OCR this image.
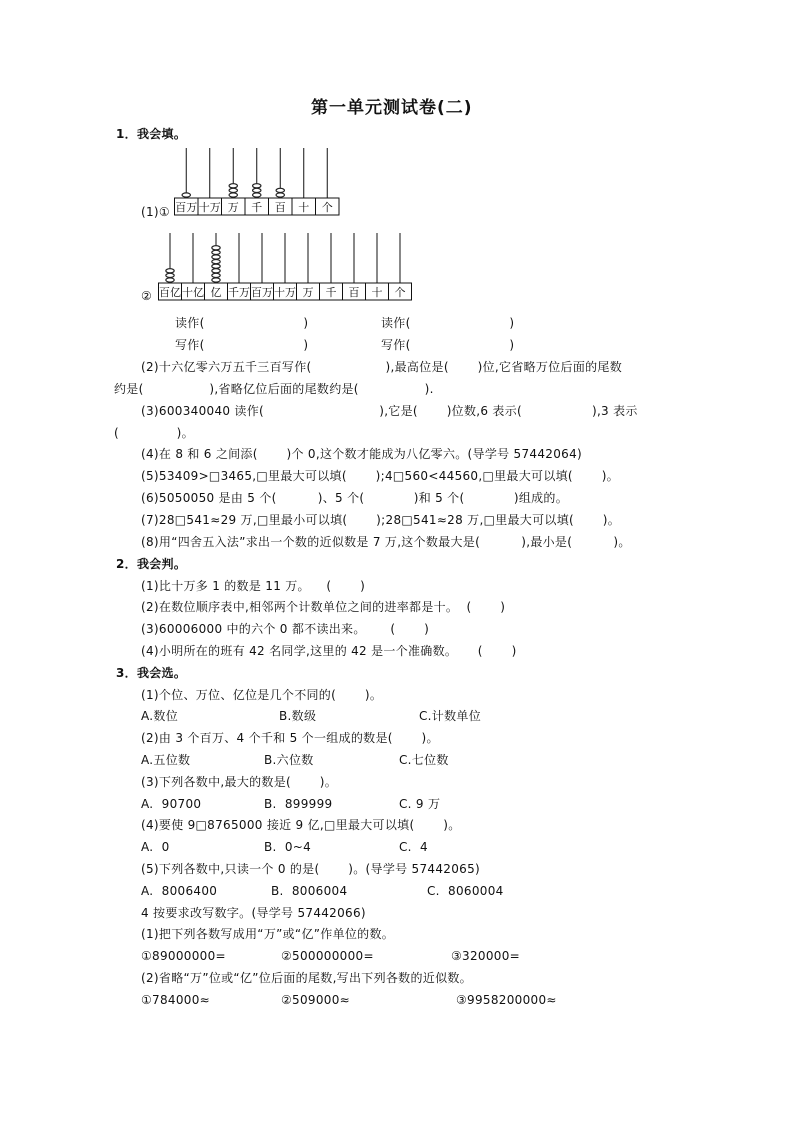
第一单元测试卷(二)
1．我会填。
(1)① 百万 十万 万 千 百 十 个
② 百亿 十亿 亿 千万 百万 十万 万 千 百 十 个
读作(                        )	读作(                        )
写作(                        )	写作(                        )
(2)十六亿零六万五千三百写作(                  ),最高位是(       )位,它省略万位后面的尾数
约是(                ),省略亿位后面的尾数约是(                ).
(3)600340040 读作(                            ),它是(       )位数,6 表示(                 ),3 表示
(              )。
(4)在 8 和 6 之间添(       )个 0,这个数才能成为八亿零六。(导学号 57442064)
(5)53409>□3465,□里最大可以填(       );4□560<44560,□里最大可以填(       )。
(6)5050050 是由 5 个(          )、5 个(            )和 5 个(            )组成的。
(7)28□541≈29 万,□里最小可以填(       );28□541≈28 万,□里最大可以填(       )。
(8)用“四舍五入法”求出一个数的近似数是 7 万,这个数最大是(          ),最小是(          )。
2．我会判。
(1)比十万多 1 的数是 11 万。    (       )
(2)在数位顺序表中,相邻两个计数单位之间的进率都是十。  (       )
(3)60006000 中的六个 0 都不读出来。      (       )
(4)小明所在的班有 42 名同学,这里的 42 是一个准确数。     (       )
3．我会选。
(1)个位、万位、亿位是几个不同的(       )。
A.数位	B.数级	C.计数单位
(2)由 3 个百万、4 个千和 5 个一组成的数是(       )。
A.五位数	B.六位数	C.七位数
(3)下列各数中,最大的数是(       )。
A.  90700	B.  899999	C. 9 万
(4)要使 9□8765000 接近 9 亿,□里最大可以填(       )。
A.  0	B.  0~4	C.  4
(5)下列各数中,只读一个 0 的是(       )。(导学号 57442065)
A.  8006400	B.  8006004	C.  8060004
4 按要求改写数字。(导学号 57442066)
(1)把下列各数写成用“万”或“亿”作单位的数。
①89000000=	②500000000=	③320000=
(2)省略“万”位或“亿”位后面的尾数,写出下列各数的近似数。
①784000≈	②509000≈	③9958200000≈
